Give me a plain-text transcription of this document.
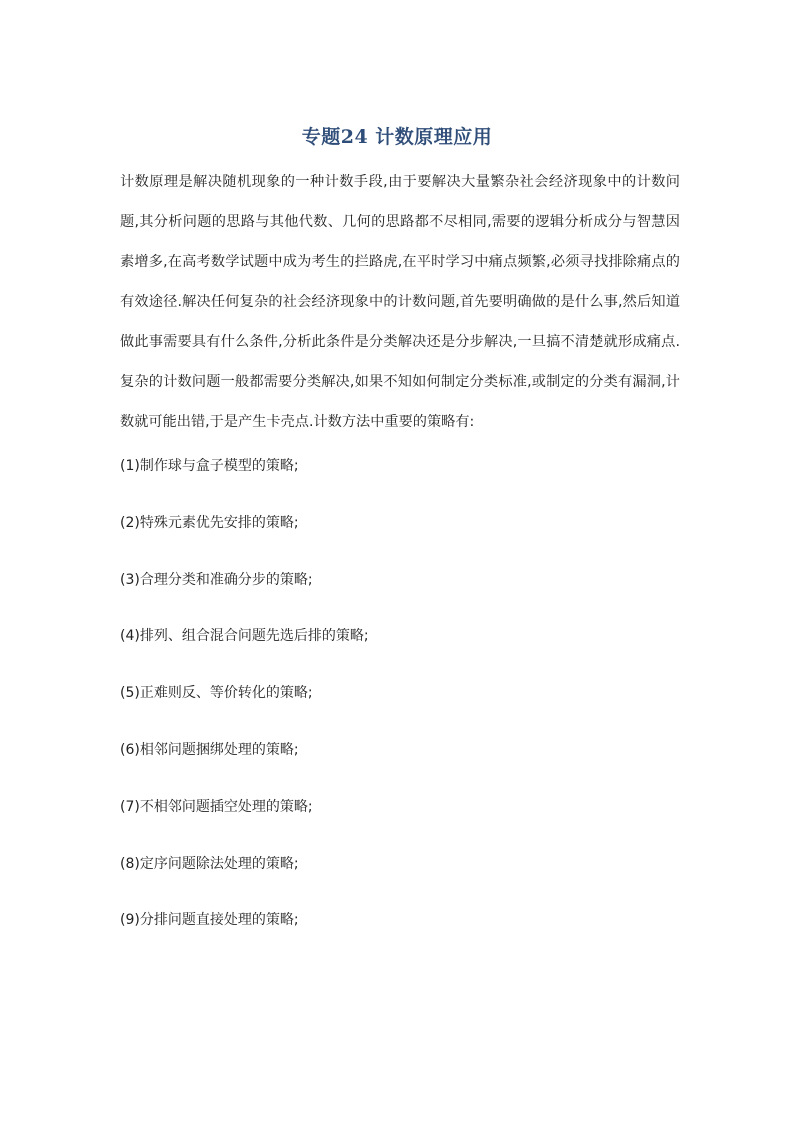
专题24 计数原理应用

计数原理是解决随机现象的一种计数手段,由于要解决大量繁杂社会经济现象中的计数问题,其分析问题的思路与其他代数、几何的思路都不尽相同,需要的逻辑分析成分与智慧因素增多,在高考数学试题中成为考生的拦路虎,在平时学习中痛点频繁,必须寻找排除痛点的有效途径.解决任何复杂的社会经济现象中的计数问题,首先要明确做的是什么事,然后知道做此事需要具有什么条件,分析此条件是分类解决还是分步解决,一旦搞不清楚就形成痛点.复杂的计数问题一般都需要分类解决,如果不知如何制定分类标准,或制定的分类有漏洞,计数就可能出错,于是产生卡壳点.计数方法中重要的策略有:

(1)制作球与盒子模型的策略;
(2)特殊元素优先安排的策略;
(3)合理分类和准确分步的策略;
(4)排列、组合混合问题先选后排的策略;
(5)正难则反、等价转化的策略;
(6)相邻问题捆绑处理的策略;
(7)不相邻问题插空处理的策略;
(8)定序问题除法处理的策略;
(9)分排问题直接处理的策略;
